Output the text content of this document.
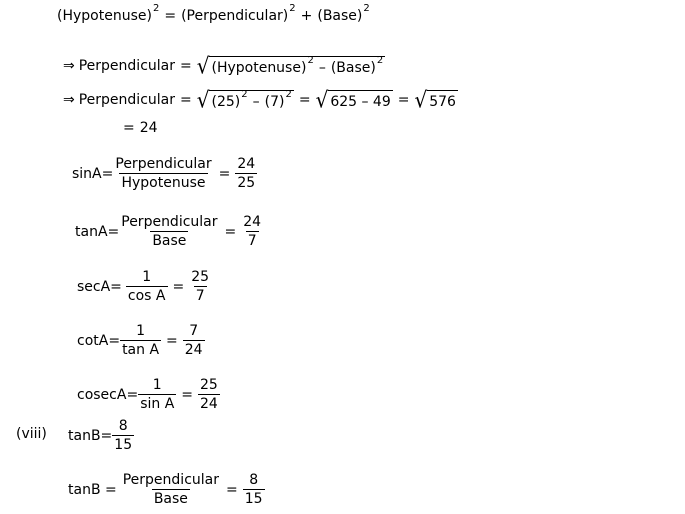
(Hypotenuse) 2 = (Perpendicular) 2 + (Base) 2
⇒ Perpendicular = √ (Hypotenuse) 2 – (Base) 2
⇒ Perpendicular = √ (25) 2 – (7) 2 = √ 625 – 49 = √ 576
= 24
$\sin A= \frac{\text{Perpendicular}}{\text{Hypotenuse}} = \frac{24}{25}$
$\tan A= \frac{\text{Perpendicular}}{\text{Base}} = \frac{24}{7}$
$\sec A= \frac{1}{\text{cos A}} = \frac{25}{7}$
$\cot A= \frac{1}{\text{tan A}} = \frac{7}{24}$
$cosecA= \frac{1}{\text{sin A}} = \frac{25}{24}$
(viii) $\tan B= \frac{8}{15}$
$\tan B = \frac{\text{Perpendicular}}{\text{Base}} = \frac{8}{15}$
